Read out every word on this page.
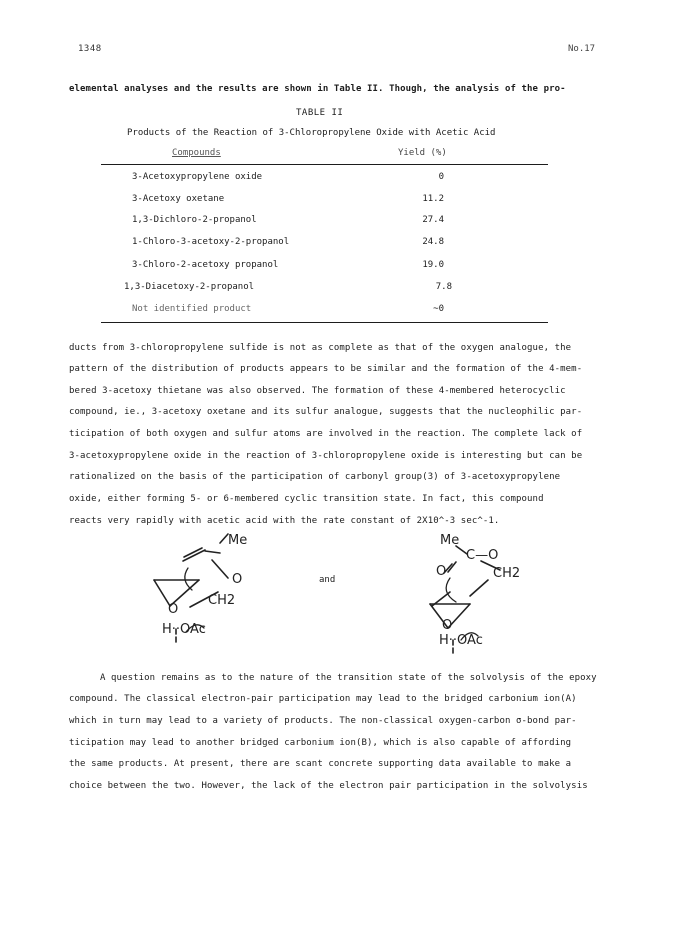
1348	No.17
elemental analyses and the results are shown in Table II. Though, the analysis of the pro-
TABLE II
Products of the Reaction of 3-Chloropropylene Oxide with Acetic Acid
Compounds	Yield (%)
3-Acetoxypropylene oxide	0
3-Acetoxy oxetane	11.2
1,3-Dichloro-2-propanol	27.4
1-Chloro-3-acetoxy-2-propanol	24.8
3-Chloro-2-acetoxy propanol	19.0
1,3-Diacetoxy-2-propanol	7.8
Not identified product	~0
ducts from 3-chloropropylene sulfide is not as complete as that of the oxygen analogue, the
pattern of the distribution of products appears to be similar and the formation of the 4-mem-
bered 3-acetoxy thietane was also observed. The formation of these 4-membered heterocyclic
compound, ie., 3-acetoxy oxetane and its sulfur analogue, suggests that the nucleophilic par-
ticipation of both oxygen and sulfur atoms are involved in the reaction. The complete lack of
3-acetoxypropylene oxide in the reaction of 3-chloropropylene oxide is interesting but can be
rationalized on the basis of the participation of carbonyl group(3) of 3-acetoxypropylene
oxide, either forming 5- or 6-membered cyclic transition state. In fact, this compound
reacts very rapidly with acetic acid with the rate constant of 2X10^-3 sec^-1.
Me
O
CH2
O
H··OAc
and
Me
C—O
O	CH2
O
H··OAc
A question remains as to the nature of the transition state of the solvolysis of the epoxy
compound. The classical electron-pair participation may lead to the bridged carbonium ion(A)
which in turn may lead to a variety of products. The non-classical oxygen-carbon σ-bond par-
ticipation may lead to another bridged carbonium ion(B), which is also capable of affording
the same products. At present, there are scant concrete supporting data available to make a
choice between the two. However, the lack of the electron pair participation in the solvolysis
